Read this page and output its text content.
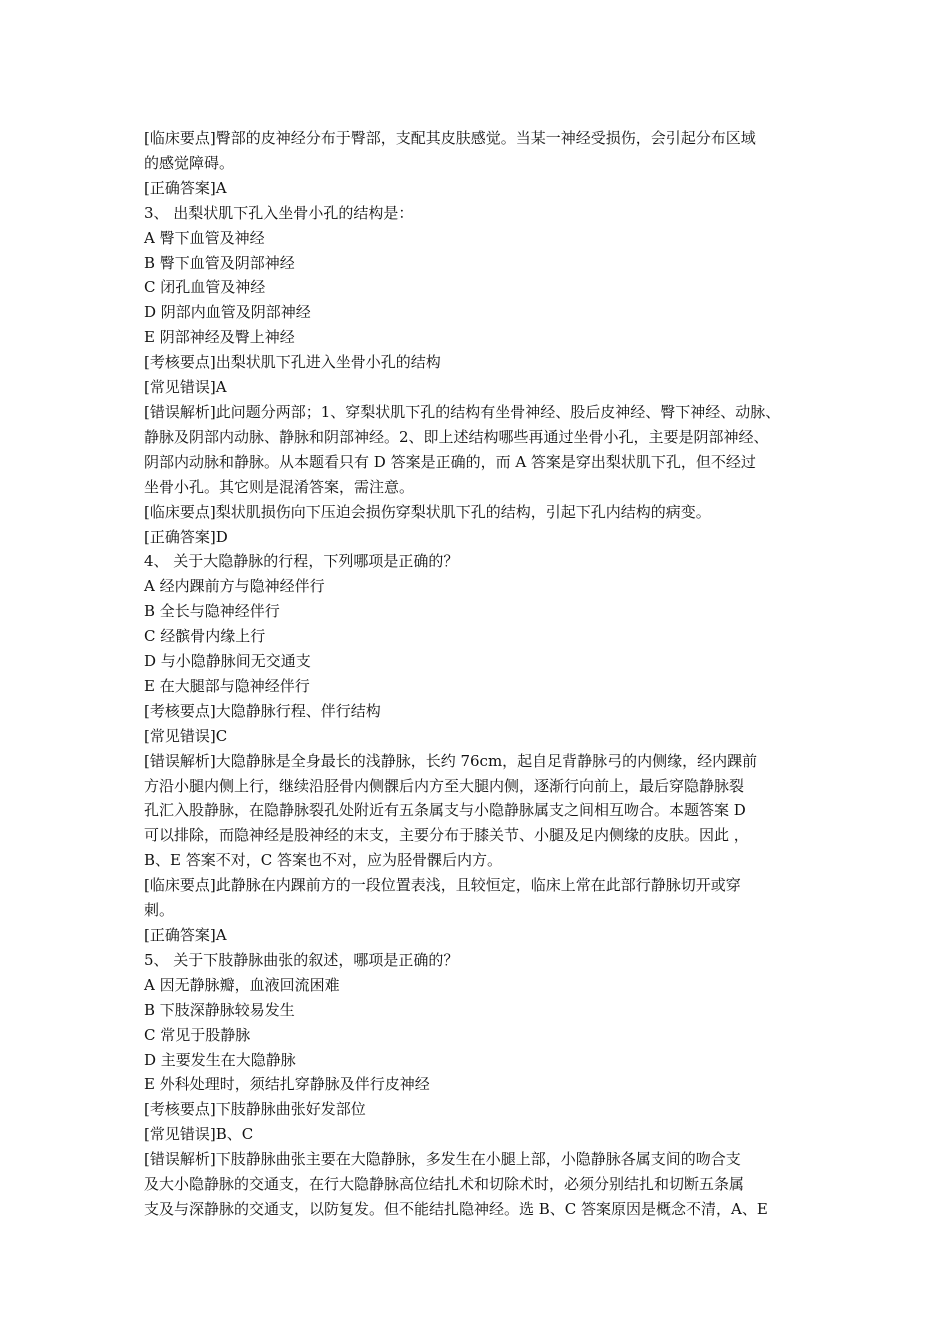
[临床要点]臀部的皮神经分布于臀部，支配其皮肤感觉。当某一神经受损伤，会引起分布区域

的感觉障碍。

[正确答案]A

3、 出梨状肌下孔入坐骨小孔的结构是：

A 臀下血管及神经

B 臀下血管及阴部神经

C 闭孔血管及神经

D 阴部内血管及阴部神经

E 阴部神经及臀上神经

[考核要点]出梨状肌下孔进入坐骨小孔的结构

[常见错误]A

[错误解析]此问题分两部；1、穿梨状肌下孔的结构有坐骨神经、股后皮神经、臀下神经、动脉、

静脉及阴部内动脉、静脉和阴部神经。2、即上述结构哪些再通过坐骨小孔，主要是阴部神经、

阴部内动脉和静脉。从本题看只有 D 答案是正确的，而 A 答案是穿出梨状肌下孔，但不经过

坐骨小孔。其它则是混淆答案，需注意。

[临床要点]梨状肌损伤向下压迫会损伤穿梨状肌下孔的结构，引起下孔内结构的病变。

[正确答案]D

4、 关于大隐静脉的行程，下列哪项是正确的？

A 经内踝前方与隐神经伴行

B 全长与隐神经伴行

C 经髌骨内缘上行

D 与小隐静脉间无交通支

E 在大腿部与隐神经伴行

[考核要点]大隐静脉行程、伴行结构

[常见错误]C

[错误解析]大隐静脉是全身最长的浅静脉，长约 76cm，起自足背静脉弓的内侧缘，经内踝前

方沿小腿内侧上行，继续沿胫骨内侧髁后内方至大腿内侧，逐渐行向前上，最后穿隐静脉裂

孔汇入股静脉，在隐静脉裂孔处附近有五条属支与小隐静脉属支之间相互吻合。本题答案 D

可以排除，而隐神经是股神经的末支，主要分布于膝关节、小腿及足内侧缘的皮肤。因此 ，

B、E 答案不对，C 答案也不对，应为胫骨髁后内方。

[临床要点]此静脉在内踝前方的一段位置表浅，且较恒定，临床上常在此部行静脉切开或穿

刺。

[正确答案]A

5、 关于下肢静脉曲张的叙述，哪项是正确的？

A 因无静脉瓣，血液回流困难

B 下肢深静脉较易发生

C 常见于股静脉

D 主要发生在大隐静脉

E 外科处理时，须结扎穿静脉及伴行皮神经

[考核要点]下肢静脉曲张好发部位

[常见错误]B、C

[错误解析]下肢静脉曲张主要在大隐静脉，多发生在小腿上部，小隐静脉各属支间的吻合支

及大小隐静脉的交通支，在行大隐静脉高位结扎术和切除术时，必须分别结扎和切断五条属

支及与深静脉的交通支，以防复发。但不能结扎隐神经。选 B、C 答案原因是概念不清，A、E
